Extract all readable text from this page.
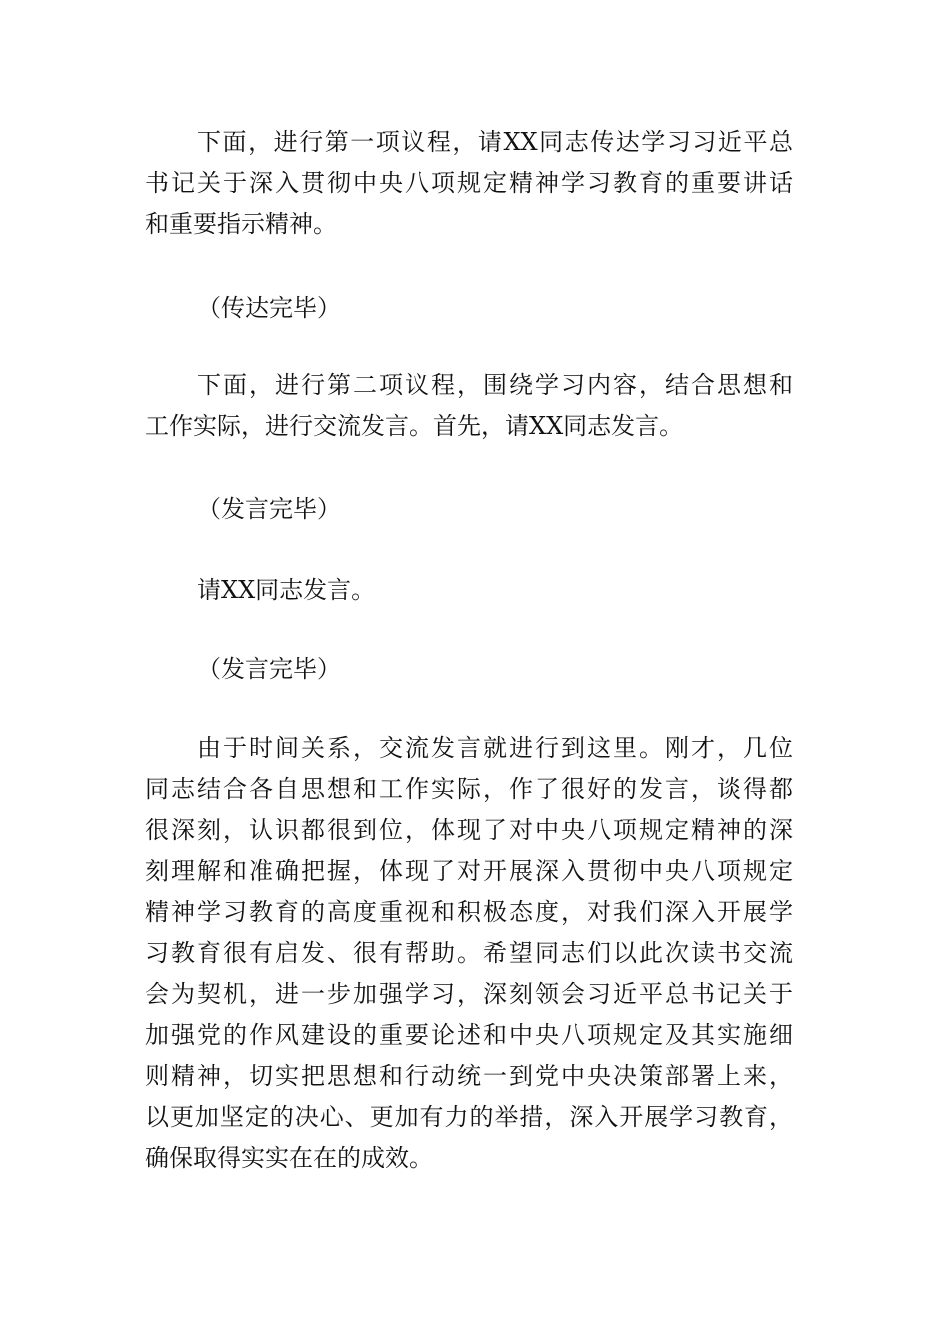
下面，进行第一项议程，请XX同志传达学习习近平总
书记关于深入贯彻中央八项规定精神学习教育的重要讲话
和重要指示精神。
（传达完毕）
下面，进行第二项议程，围绕学习内容，结合思想和
工作实际，进行交流发言。首先，请XX同志发言。
（发言完毕）
请XX同志发言。
（发言完毕）
由于时间关系，交流发言就进行到这里。刚才，几位
同志结合各自思想和工作实际，作了很好的发言，谈得都
很深刻，认识都很到位，体现了对中央八项规定精神的深
刻理解和准确把握，体现了对开展深入贯彻中央八项规定
精神学习教育的高度重视和积极态度，对我们深入开展学
习教育很有启发、很有帮助。希望同志们以此次读书交流
会为契机，进一步加强学习，深刻领会习近平总书记关于
加强党的作风建设的重要论述和中央八项规定及其实施细
则精神，切实把思想和行动统一到党中央决策部署上来，
以更加坚定的决心、更加有力的举措，深入开展学习教育，
确保取得实实在在的成效。
